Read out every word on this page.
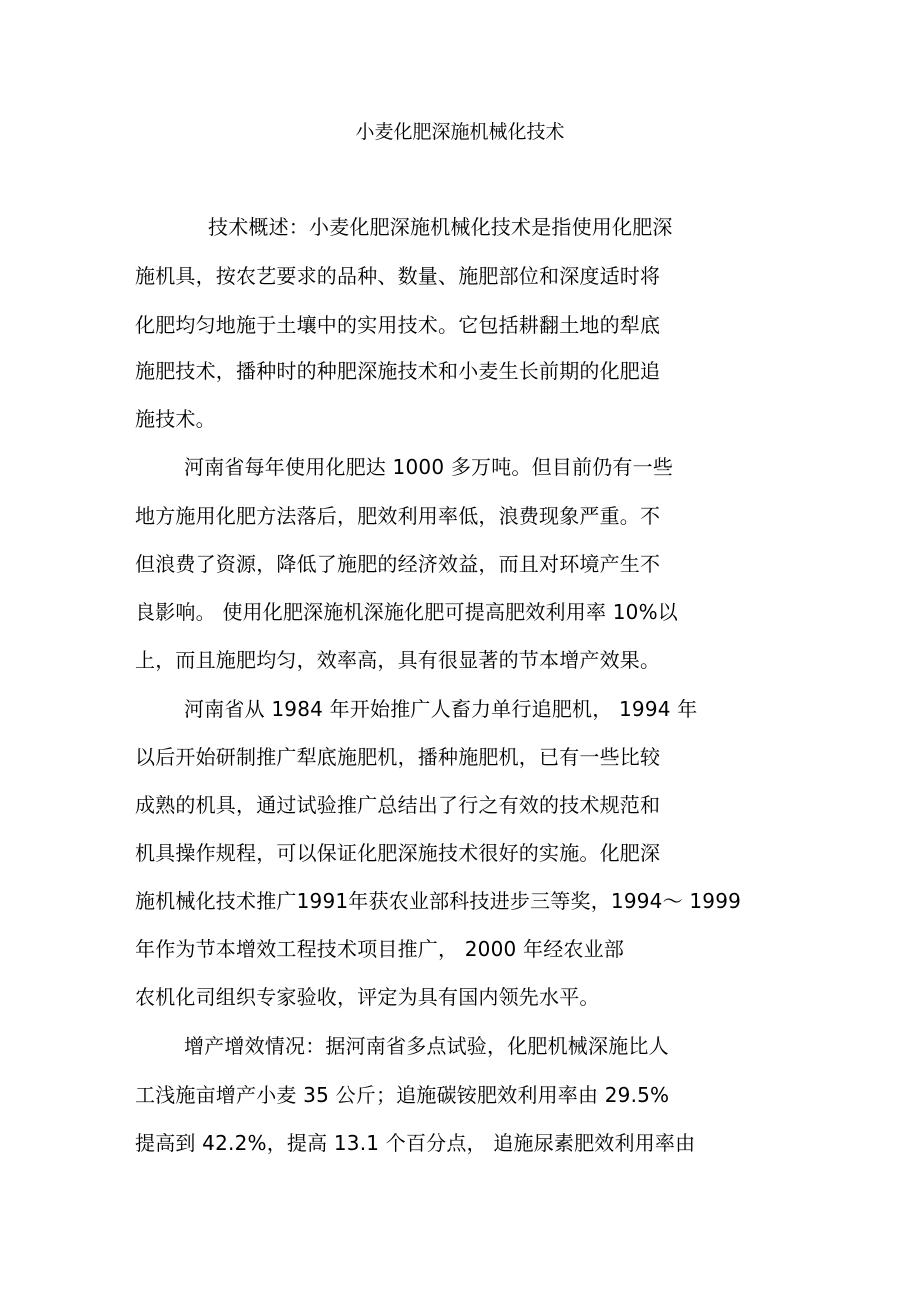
小麦化肥深施机械化技术
技术概述：小麦化肥深施机械化技术是指使用化肥深
施机具，按农艺要求的品种、数量、施肥部位和深度适时将
化肥均匀地施于土壤中的实用技术。它包括耕翻土地的犁底
施肥技术，播种时的种肥深施技术和小麦生长前期的化肥追
施技术。
河南省每年使用化肥达 1000 多万吨。但目前仍有一些
地方施用化肥方法落后，肥效利用率低，浪费现象严重。不
但浪费了资源，降低了施肥的经济效益，而且对环境产生不
良影响。 使用化肥深施机深施化肥可提高肥效利用率 10%以
上，而且施肥均匀，效率高，具有很显著的节本增产效果。
河南省从 1984 年开始推广人畜力单行追肥机， 1994 年
以后开始研制推广犁底施肥机，播种施肥机，已有一些比较
成熟的机具，通过试验推广总结出了行之有效的技术规范和
机具操作规程，可以保证化肥深施技术很好的实施。化肥深
施机械化技术推广1991年获农业部科技进步三等奖，1994～ 1999
年作为节本增效工程技术项目推广， 2000 年经农业部
农机化司组织专家验收，评定为具有国内领先水平。
增产增效情况：据河南省多点试验，化肥机械深施比人
工浅施亩增产小麦 35 公斤；追施碳铵肥效利用率由 29.5%
提高到 42.2%，提高 13.1 个百分点， 追施尿素肥效利用率由
